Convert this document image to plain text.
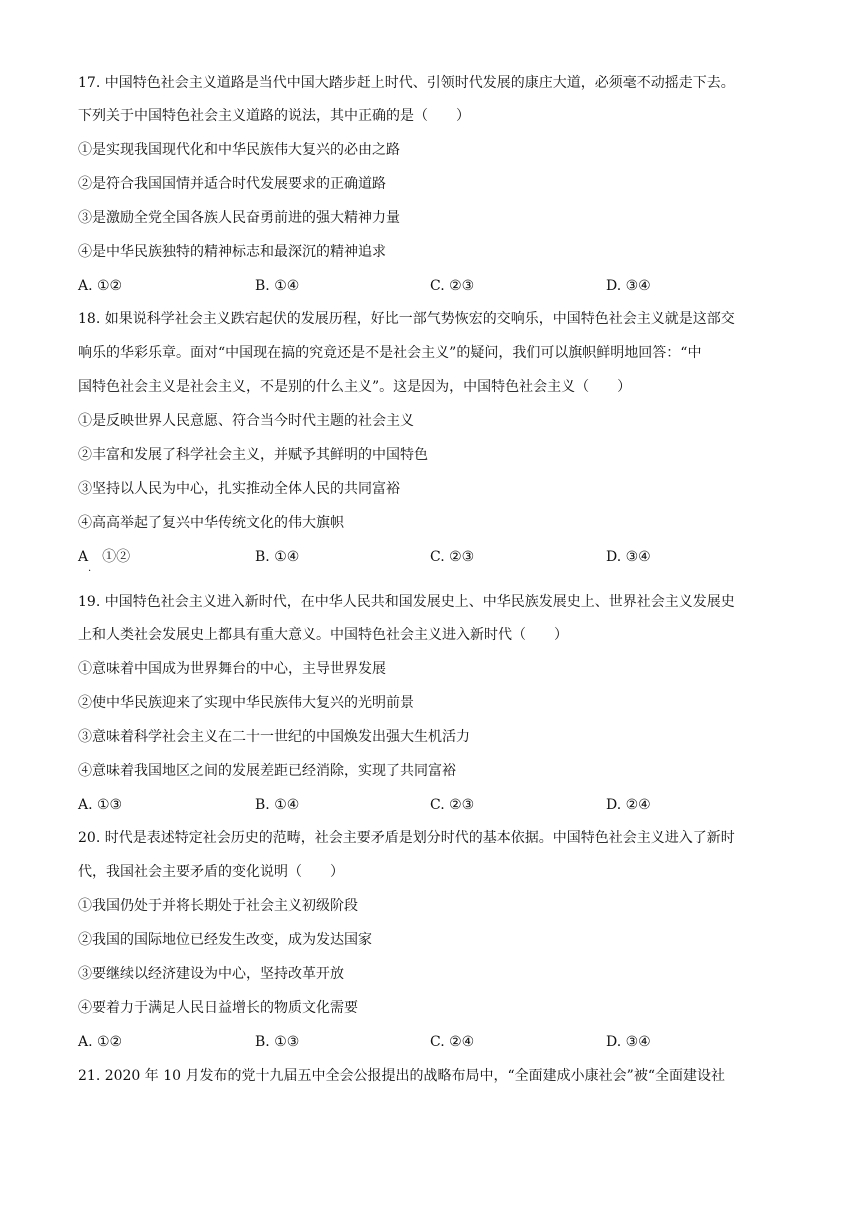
17. 中国特色社会主义道路是当代中国大踏步赶上时代、引领时代发展的康庄大道，必须毫不动摇走下去。
下列关于中国特色社会主义道路的说法，其中正确的是（　　）
①是实现我国现代化和中华民族伟大复兴的必由之路
②是符合我国国情并适合时代发展要求的正确道路
③是激励全党全国各族人民奋勇前进的强大精神力量
④是中华民族独特的精神标志和最深沉的精神追求
A. ①②	B. ①④	C. ②③	D. ③④
18. 如果说科学社会主义跌宕起伏的发展历程，好比一部气势恢宏的交响乐，中国特色社会主义就是这部交
响乐的华彩乐章。面对“中国现在搞的究竟还是不是社会主义”的疑问，我们可以旗帜鲜明地回答：“中
国特色社会主义是社会主义，不是别的什么主义”。这是因为，中国特色社会主义（　　）
①是反映世界人民意愿、符合当今时代主题的社会主义
②丰富和发展了科学社会主义，并赋予其鲜明的中国特色
③坚持以人民为中心，扎实推动全体人民的共同富裕
④高高举起了复兴中华传统文化的伟大旗帜
A　①②
.
B. ①④	C. ②③	D. ③④
19. 中国特色社会主义进入新时代，在中华人民共和国发展史上、中华民族发展史上、世界社会主义发展史
上和人类社会发展史上都具有重大意义。中国特色社会主义进入新时代（　　）
①意味着中国成为世界舞台的中心，主导世界发展
②使中华民族迎来了实现中华民族伟大复兴的光明前景
③意味着科学社会主义在二十一世纪的中国焕发出强大生机活力
④意味着我国地区之间的发展差距已经消除，实现了共同富裕
A. ①③	B. ①④	C. ②③	D. ②④
20. 时代是表述特定社会历史的范畴，社会主要矛盾是划分时代的基本依据。中国特色社会主义进入了新时
代，我国社会主要矛盾的变化说明（　　）
①我国仍处于并将长期处于社会主义初级阶段
②我国的国际地位已经发生改变，成为发达国家
③要继续以经济建设为中心，坚持改革开放
④要着力于满足人民日益增长的物质文化需要
A. ①②	B. ①③	C. ②④	D. ③④
21. 2020 年 10 月发布的党十九届五中全会公报提出的战略布局中，“全面建成小康社会”被“全面建设社
